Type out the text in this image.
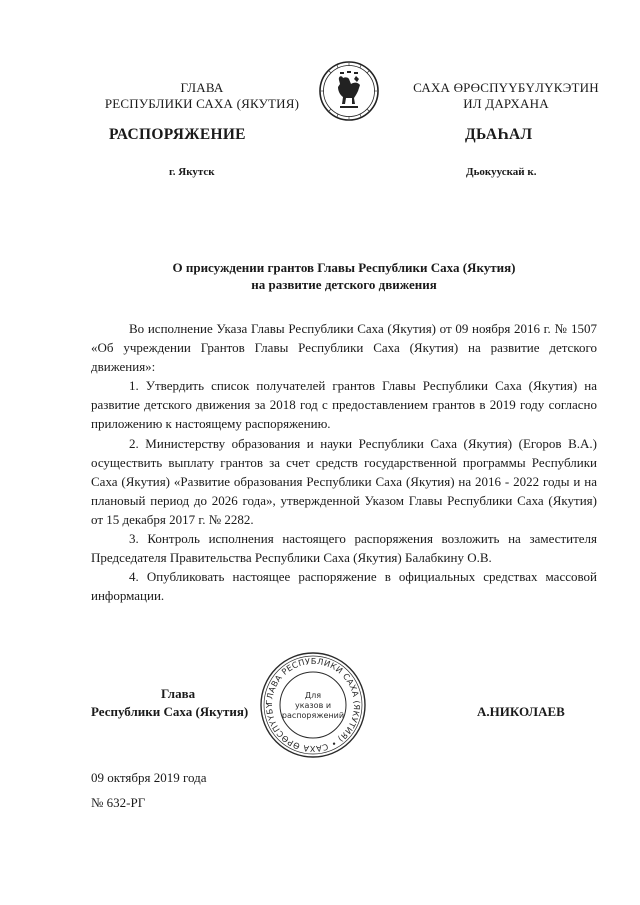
ГЛАВА
РЕСПУБЛИКИ САХА (ЯКУТИЯ)
САХА ӨРӨСПҮҮБҮЛҮКЭТИН
ИЛ ДАРХАНА
РАСПОРЯЖЕНИЕ	ДЬАҺАЛ
г. Якутск	Дьокуускай к.
О присуждении грантов Главы Республики Саха (Якутия)
на развитие детского движения

Во исполнение Указа Главы Республики Саха (Якутия) от 09 ноября 2016 г. № 1507 «Об учреждении Грантов Главы Республики Саха (Якутия) на развитие детского движения»:

1. Утвердить список получателей грантов Главы Республики Саха (Якутия) на развитие детского движения за 2018 год с предоставлением грантов в 2019 году согласно приложению к настоящему распоряжению.

2. Министерству образования и науки Республики Саха (Якутия) (Егоров В.А.) осуществить выплату грантов за счет средств государственной программы Республики Саха (Якутия) «Развитие образования Республики Саха (Якутия) на 2016 - 2022 годы и на плановый период до 2026 года», утвержденной Указом Главы Республики Саха (Якутия) от 15 декабря 2017 г. № 2282.

3. Контроль исполнения настоящего распоряжения возложить на заместителя Председателя Правительства Республики Саха (Якутия) Балабкину О.В.

4. Опубликовать настоящее распоряжение в официальных средствах массовой информации.

Глава
Республики Саха (Якутия)	А.НИКОЛАЕВ
ГЛАВА РЕСПУБЛИКИ САХА (ЯКУТИЯ) • САХА ӨРӨСПҮҮБҮ
Для
указов и
распоряжений
09 октября 2019 года
№ 632-РГ
